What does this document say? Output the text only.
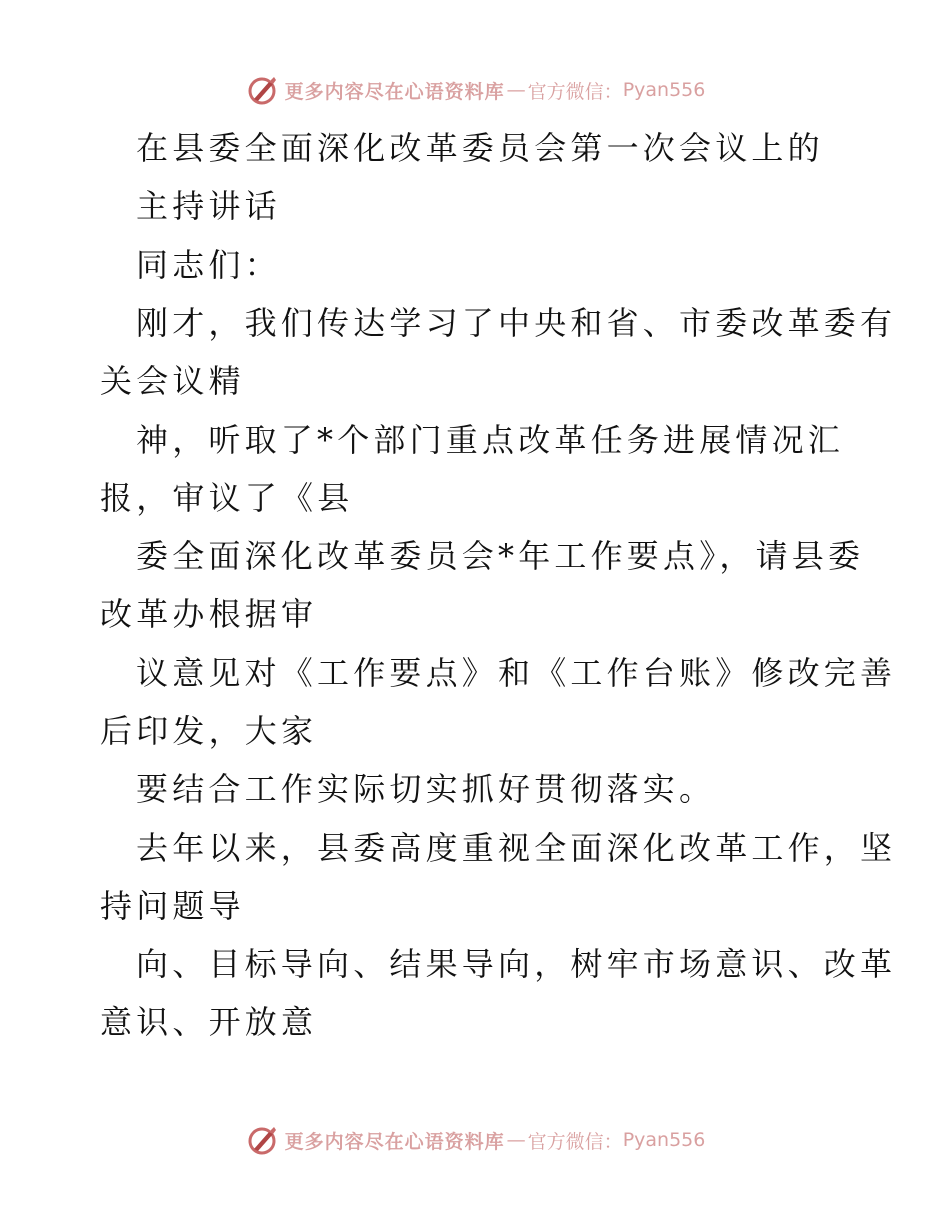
更多内容尽在心语资料库 — 官方微信： Pyan556
在县委全面深化改革委员会第一次会议上的
主持讲话
同志们：
刚才，我们传达学习了中央和省、市委改革委有
关会议精
神，听取了*个部门重点改革任务进展情况汇
报，审议了《县
委全面深化改革委员会*年工作要点》，请县委
改革办根据审
议意见对《工作要点》和《工作台账》修改完善
后印发，大家
要结合工作实际切实抓好贯彻落实。
去年以来，县委高度重视全面深化改革工作，坚
持问题导
向、目标导向、结果导向，树牢市场意识、改革
意识、开放意
更多内容尽在心语资料库 — 官方微信： Pyan556
